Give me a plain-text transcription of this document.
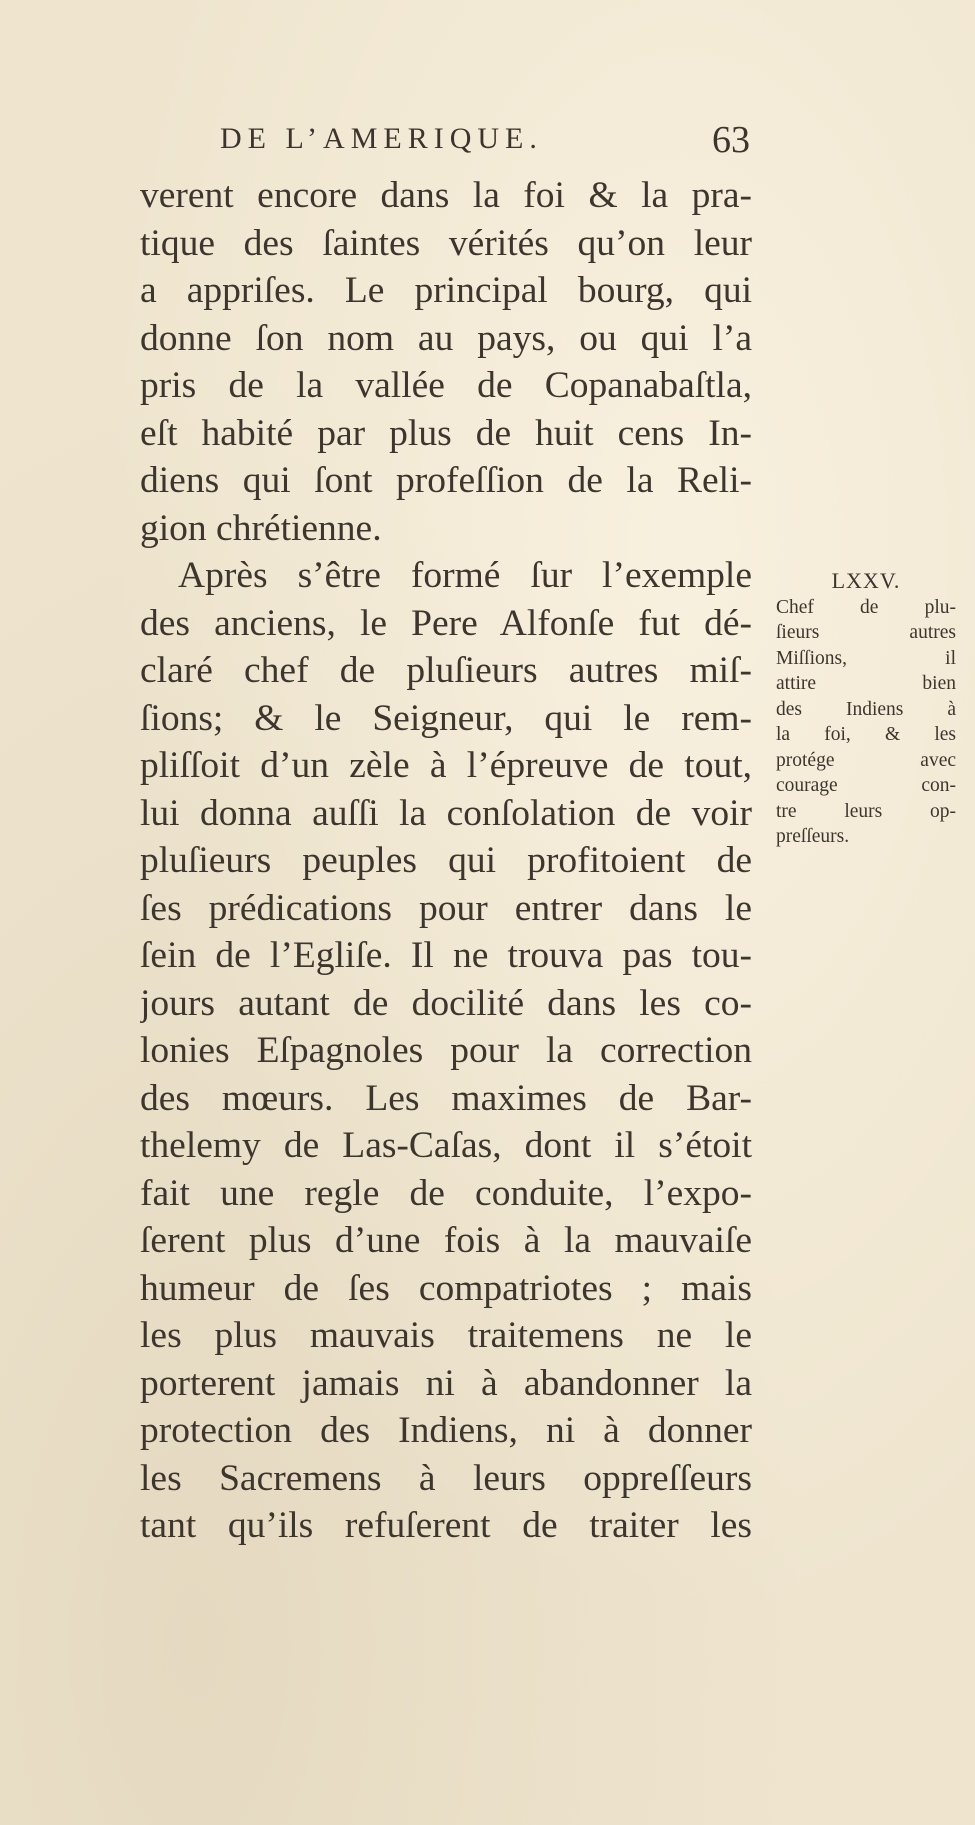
DE L’AMERIQUE.	63
verent encore dans la foi & la pra-
tique des ſaintes vérités qu’on leur
a appriſes. Le principal bourg, qui
donne ſon nom au pays, ou qui l’a
pris de la vallée de Copanabaſtla,
eſt habité par plus de huit cens In-
diens qui ſont profeſſion de la Reli-
gion chrétienne.
Après s’être formé ſur l’exemple
des anciens, le Pere Alfonſe fut dé-
claré chef de pluſieurs autres miſ-
ſions; & le Seigneur, qui le rem-
pliſſoit d’un zèle à l’épreuve de tout,
lui donna auſſi la conſolation de voir
pluſieurs peuples qui profitoient de
ſes prédications pour entrer dans le
ſein de l’Egliſe. Il ne trouva pas tou-
jours autant de docilité dans les co-
lonies Eſpagnoles pour la correction
des mœurs. Les maximes de Bar-
thelemy de Las-Caſas, dont il s’étoit
fait une regle de conduite, l’expo-
ſerent plus d’une fois à la mauvaiſe
humeur de ſes compatriotes ; mais
les plus mauvais traitemens ne le
porterent jamais ni à abandonner la
protection des Indiens, ni à donner
les Sacremens à leurs oppreſſeurs
tant qu’ils refuſerent de traiter les
LXXV.
Chef de plu-
ſieurs autres
Miſſions, il
attire bien
des Indiens à
la foi, & les
protége avec
courage con-
tre leurs op-
preſſeurs.
